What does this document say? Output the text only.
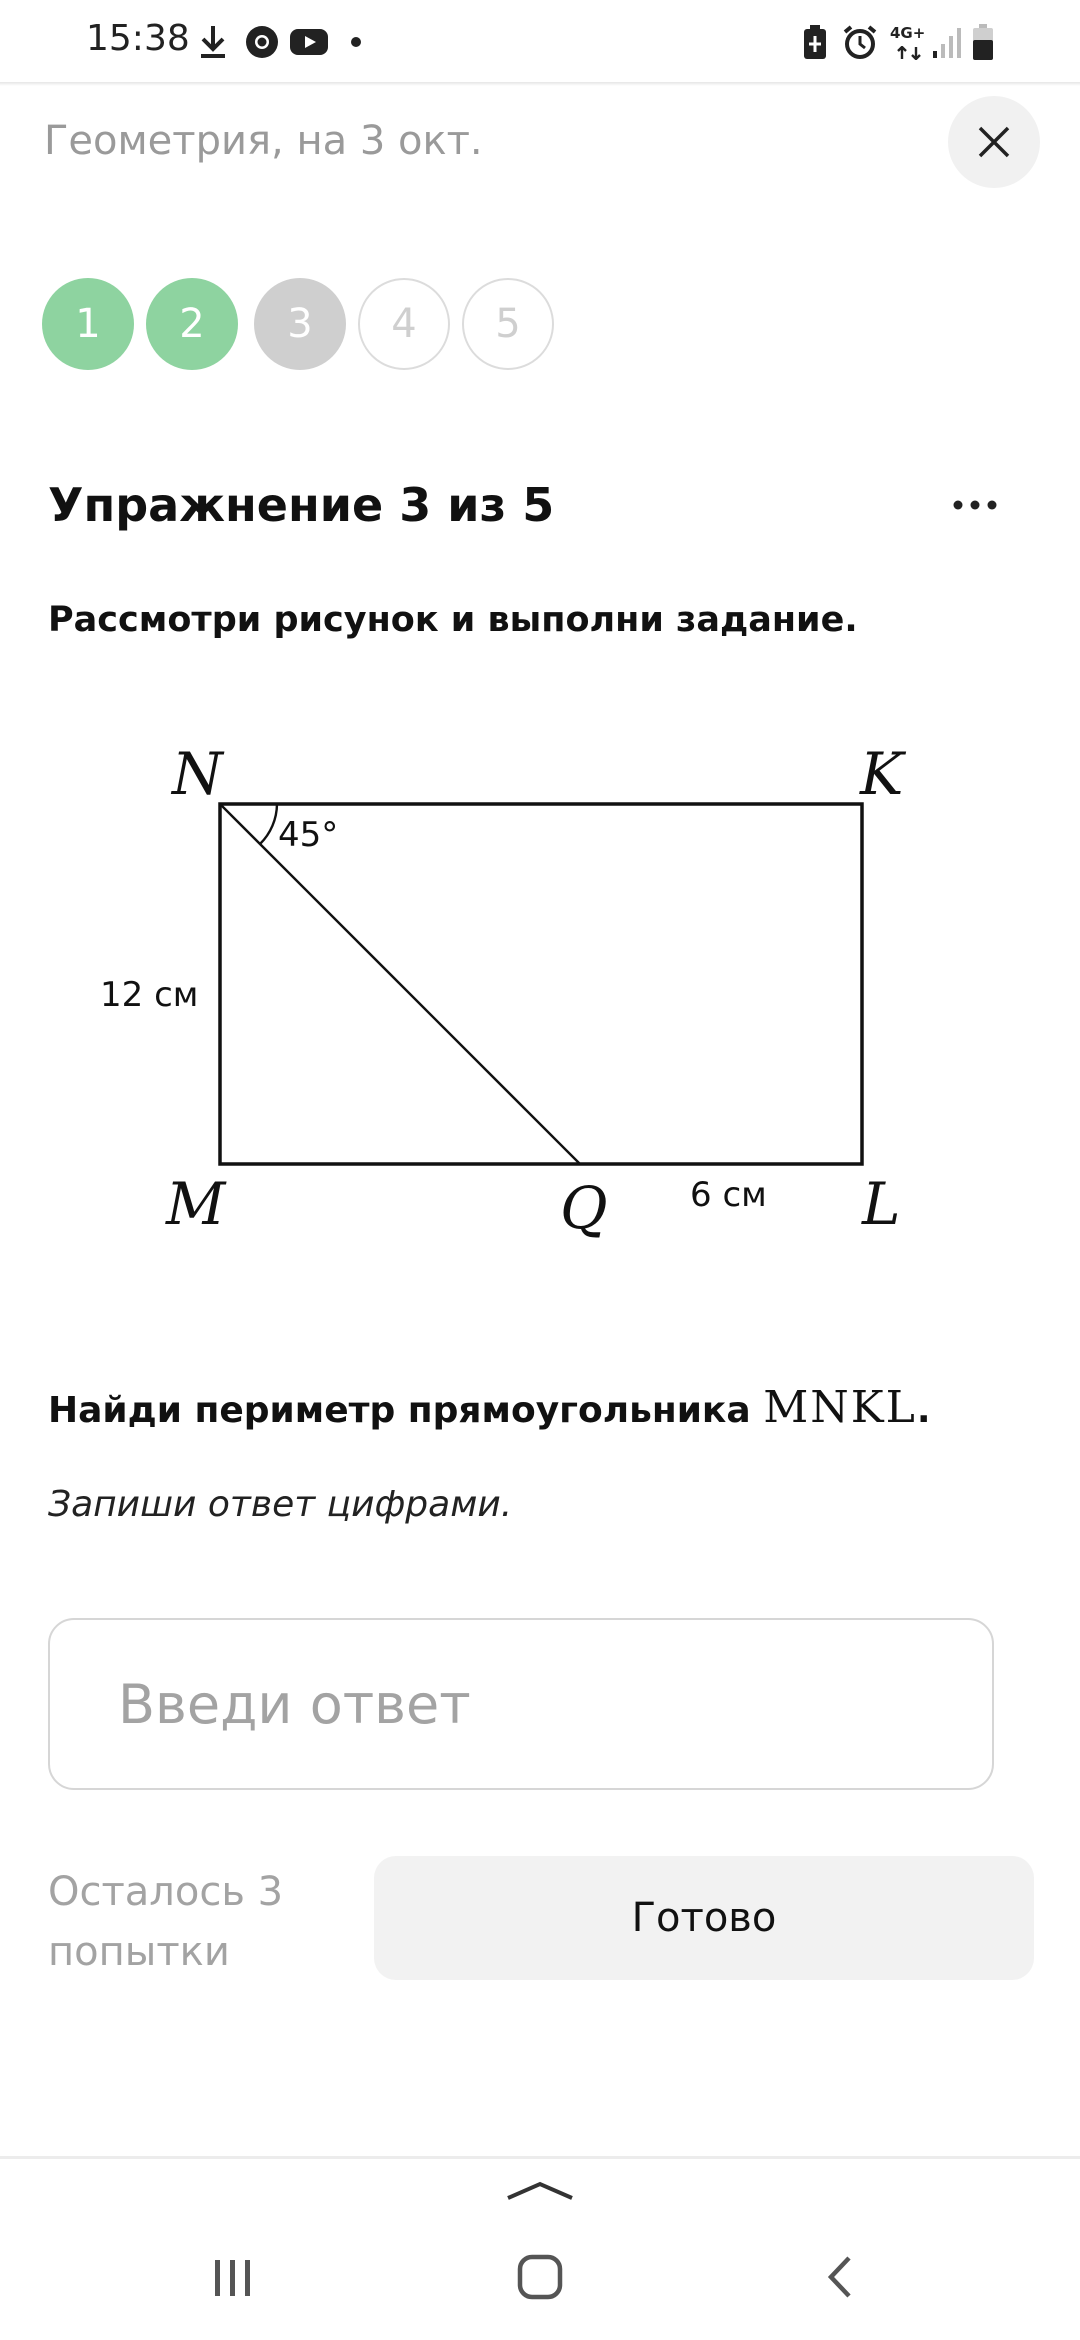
15:38	4G+
Геометрия, на 3 окт.
1	2	3	4	5
Упражнение 3 из 5
Рассмотри рисунок и выполни задание.
45°
12 см
6 см
N	K
M	Q	L
Найди периметр прямоугольника MNKL.
Запиши ответ цифрами.
Введи ответ
Осталось 3
попытки
Готово
